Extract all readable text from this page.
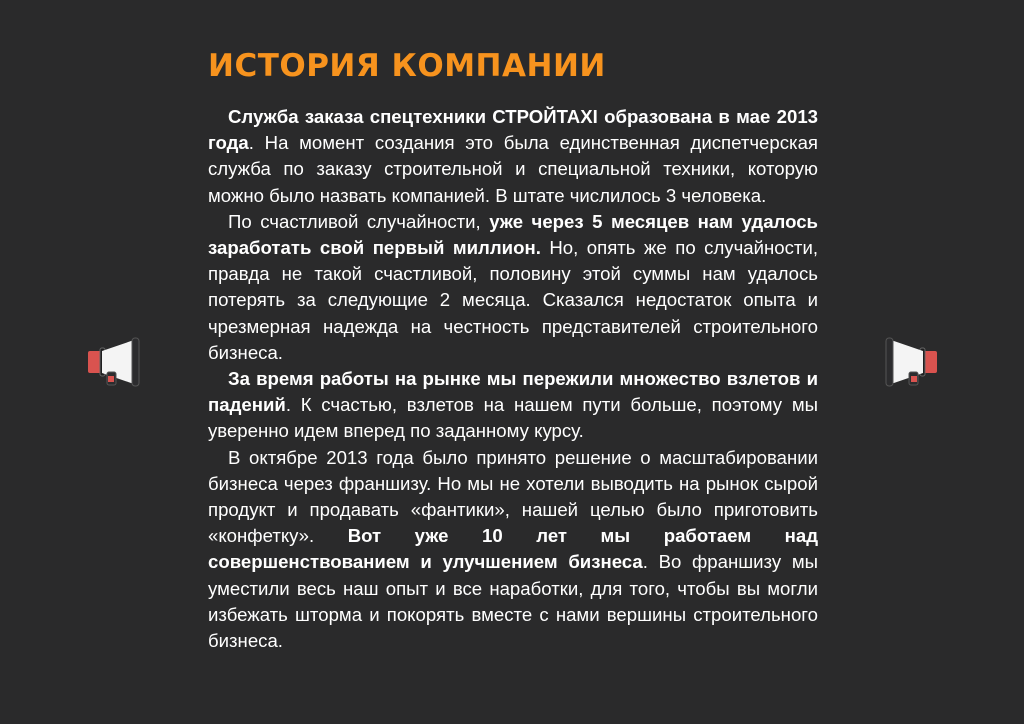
ИСТОРИЯ КОМПАНИИ

Служба заказа спецтехники СТРОЙТАХІ образована в мае 2013 года. На момент создания это была единственная диспетчерская служба по заказу строительной и специальной техники, которую можно было назвать компанией. В штате числилось 3 человека.

По счастливой случайности, уже через 5 месяцев нам удалось заработать свой первый миллион. Но, опять же по случайности, правда не такой счастливой, половину этой суммы нам удалось потерять за следующие 2 месяца. Сказался недостаток опыта и чрезмерная надежда на честность представителей строительного бизнеса.

За время работы на рынке мы пережили множество взлетов и падений. К счастью, взлетов на нашем пути больше, поэтому мы уверенно идем вперед по заданному курсу.

В октябре 2013 года было принято решение о масштабировании бизнеса через франшизу. Но мы не хотели выводить на рынок сырой продукт и продавать «фантики», нашей целью было приготовить «конфетку». Вот уже 10 лет мы работаем над совершенствованием и улучшением бизнеса. Во франшизу мы уместили весь наш опыт и все наработки, для того, чтобы вы могли избежать шторма и покорять вместе с нами вершины строительного бизнеса.
